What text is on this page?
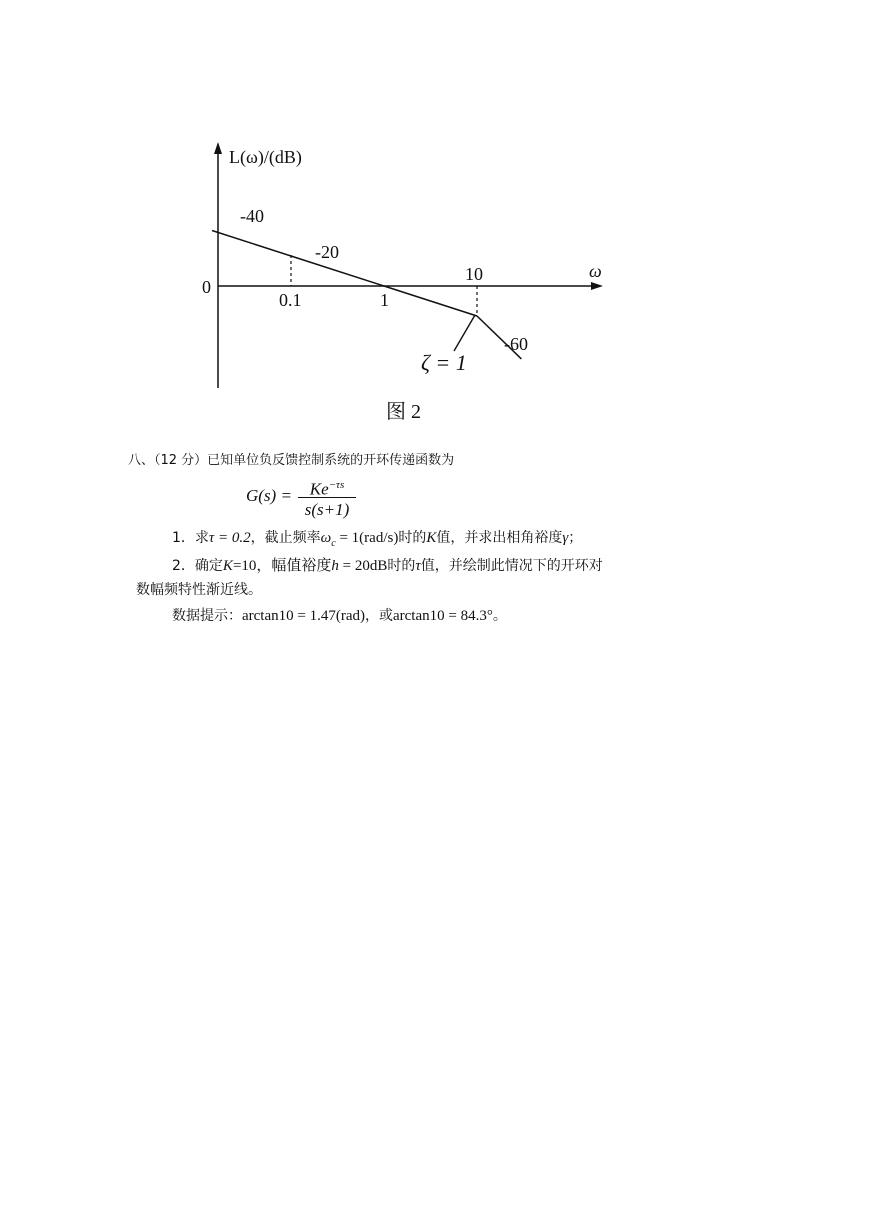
L(ω)/(dB)
ω
0
0.1	1
10
-40
-20
-60
ζ = 1
图 2
八、（12 分）已知单位负反馈控制系统的开环传递函数为
G(s) =	$Ke^{-\tau s}$
s(s+1)
1．求τ = 0.2，截止频率$\omega_c = 1(rad/s)$时的K值，并求出相角裕度γ；
2．确定K=10，幅值裕度h = 20dB时的τ值，并绘制此情况下的开环对
数幅频特性渐近线。
数据提示：arctan10 = 1.47(rad)，或arctan10 = 84.3°。
